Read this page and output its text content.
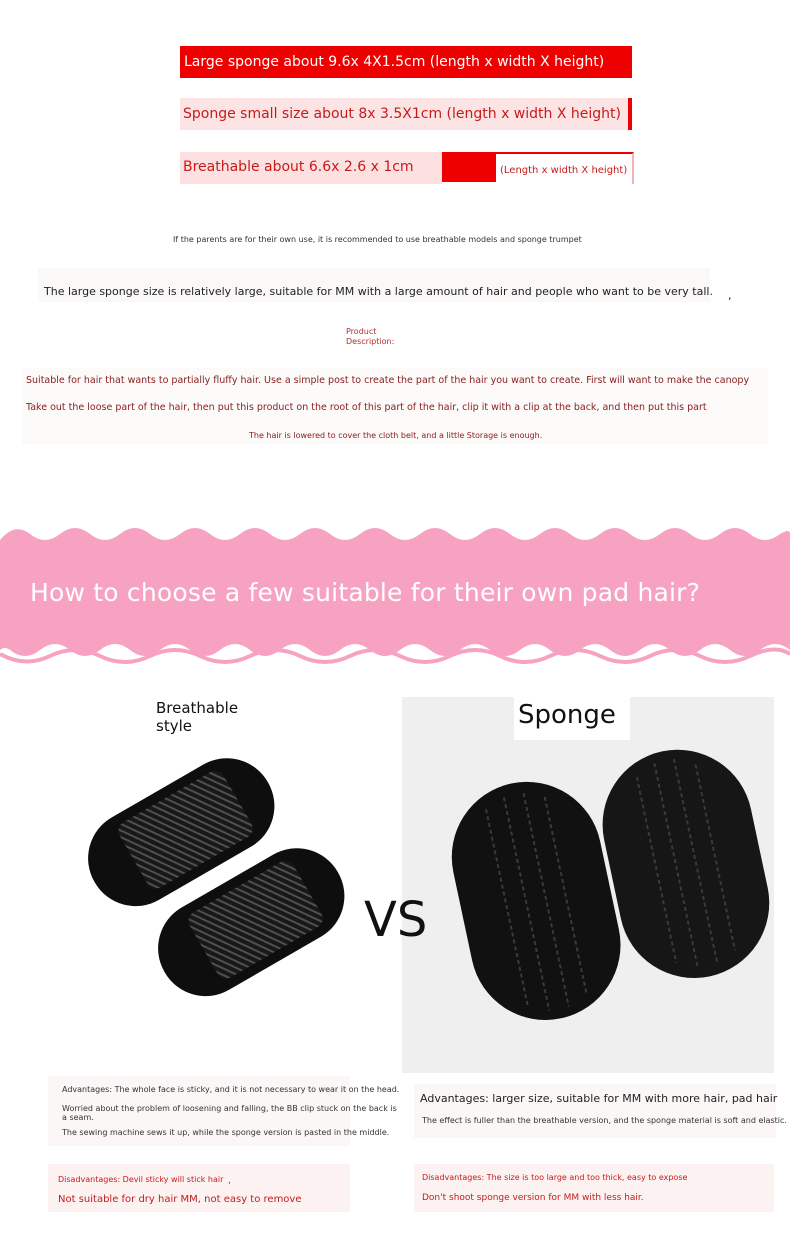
Large sponge about 9.6x 4X1.5cm (length x width X height)
Sponge small size about 8x 3.5X1cm (length x width X height)
Breathable about 6.6x 2.6 x 1cm	(Length x width X height)
If the parents are for their own use, it is recommended to use breathable models and sponge trumpet
The large sponge size is relatively large, suitable for MM with a large amount of hair and people who want to be very tall. ,
Product
Description:
Suitable for hair that wants to partially fluffy hair. Use a simple post to create the part of the hair you want to create. First will want to make the canopy
Take out the loose part of the hair, then put this product on the root of this part of the hair, clip it with a clip at the back, and then put this part
The hair is lowered to cover the cloth belt, and a little Storage is enough.
How to choose a few suitable for their own pad hair?
Breathable
style	Sponge
VS
Advantages: The whole face is sticky, and it is not necessary to wear it on the head.
Worried about the problem of loosening and falling, the BB clip stuck on the back is
a seam.
The sewing machine sews it up, while the sponge version is pasted in the middle.
Advantages: larger size, suitable for MM with more hair, pad hair
The effect is fuller than the breathable version, and the sponge material is soft and elastic.
Disadvantages: Devil sticky will stick hair ,
Not suitable for dry hair MM, not easy to remove
Disadvantages: The size is too large and too thick, easy to expose
Don't shoot sponge version for MM with less hair.
